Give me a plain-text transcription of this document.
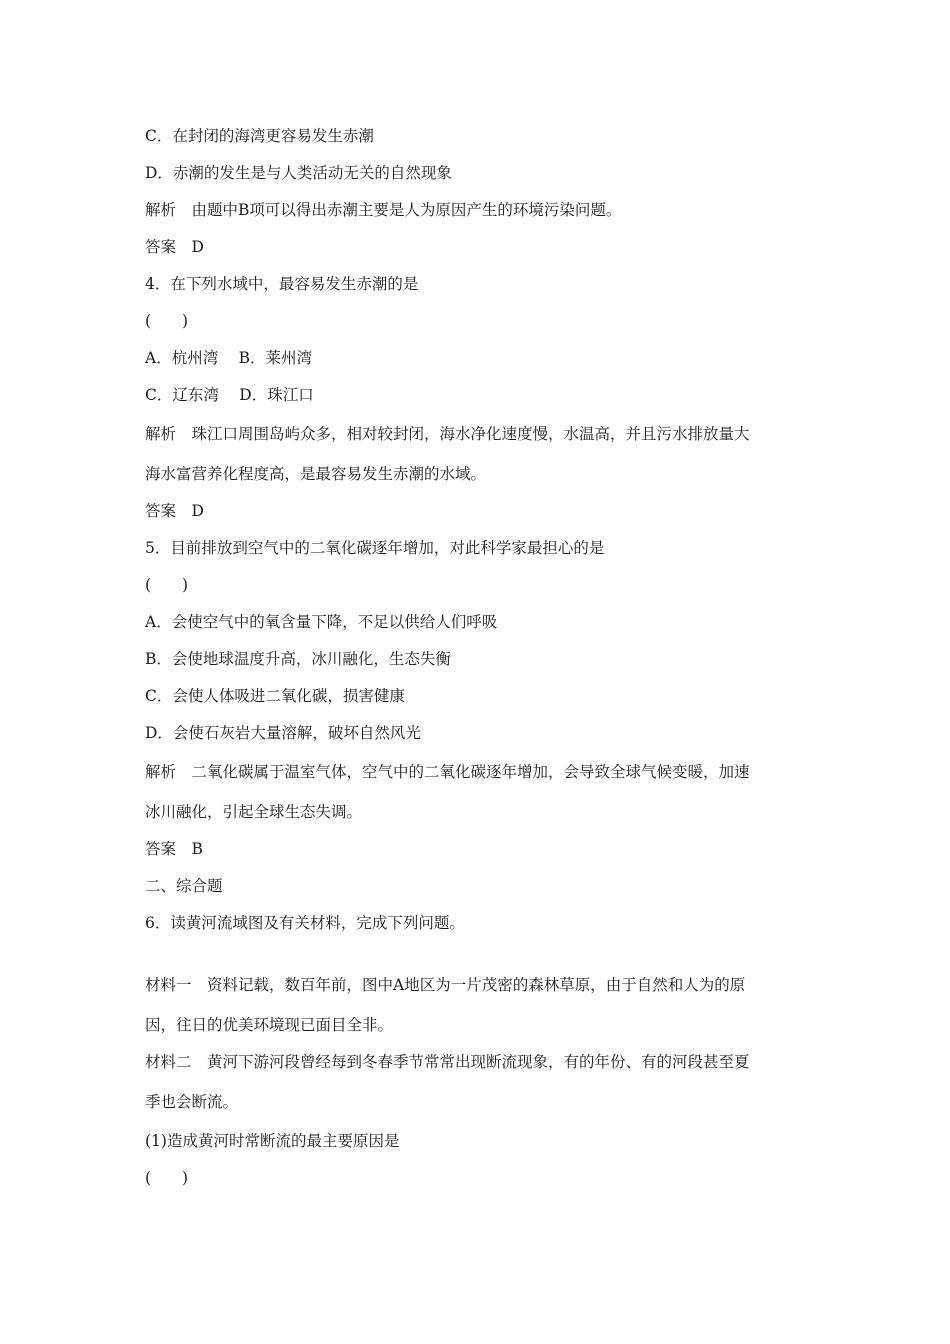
C．在封闭的海湾更容易发生赤潮
D．赤潮的发生是与人类活动无关的自然现象
解析　由题中B项可以得出赤潮主要是人为原因产生的环境污染问题。
答案　D
4．在下列水域中，最容易发生赤潮的是
(　　)
A．杭州湾　 B．莱州湾
C．辽东湾　 D．珠江口
解析　珠江口周围岛屿众多，相对较封闭，海水净化速度慢，水温高，并且污水排放量大
海水富营养化程度高，是最容易发生赤潮的水域。
答案　D
5．目前排放到空气中的二氧化碳逐年增加，对此科学家最担心的是
(　　)
A．会使空气中的氧含量下降，不足以供给人们呼吸
B．会使地球温度升高，冰川融化，生态失衡
C．会使人体吸进二氧化碳，损害健康
D．会使石灰岩大量溶解，破坏自然风光
解析　二氧化碳属于温室气体，空气中的二氧化碳逐年增加，会导致全球气候变暖，加速
冰川融化，引起全球生态失调。
答案　B
二、综合题
6．读黄河流域图及有关材料，完成下列问题。
材料一　资料记载，数百年前，图中A地区为一片茂密的森林草原，由于自然和人为的原
因，往日的优美环境现已面目全非。
材料二　黄河下游河段曾经每到冬春季节常常出现断流现象，有的年份、有的河段甚至夏
季也会断流。
(1)造成黄河时常断流的最主要原因是
(　　)
